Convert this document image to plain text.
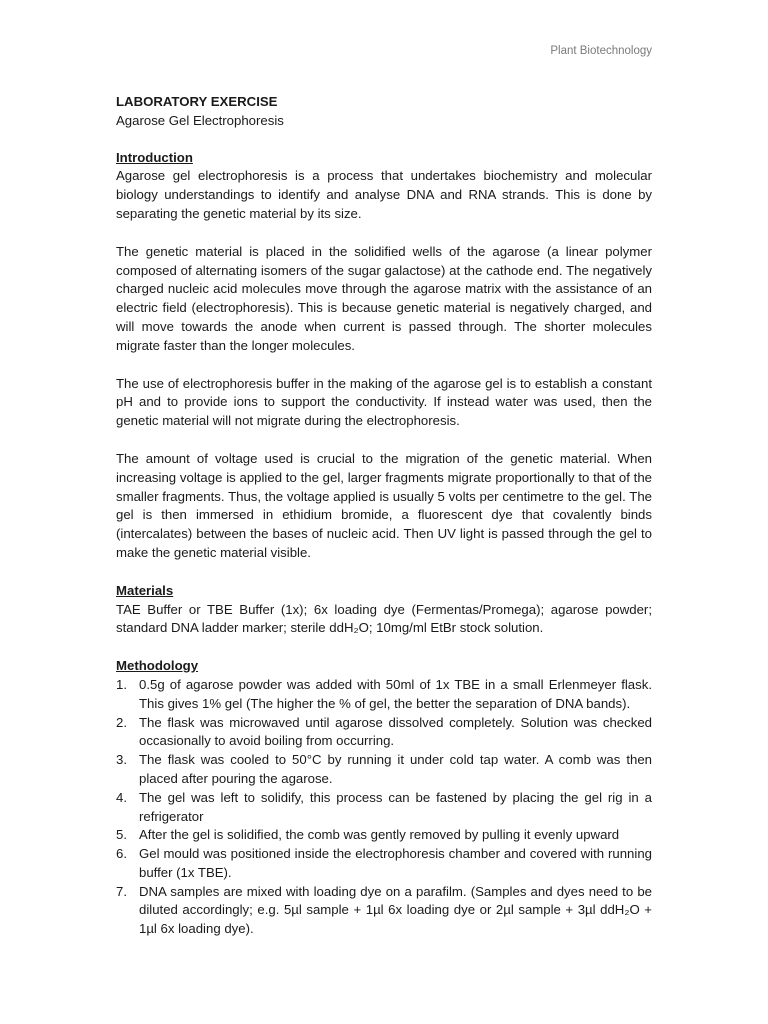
Plant Biotechnology

LABORATORY EXERCISE

Agarose Gel Electrophoresis

Introduction

Agarose gel electrophoresis is a process that undertakes biochemistry and molecular biology understandings to identify and analyse DNA and RNA strands. This is done by separating the genetic material by its size.

The genetic material is placed in the solidified wells of the agarose (a linear polymer composed of alternating isomers of the sugar galactose) at the cathode end. The negatively charged nucleic acid molecules move through the agarose matrix with the assistance of an electric field (electrophoresis). This is because genetic material is negatively charged, and will move towards the anode when current is passed through. The shorter molecules migrate faster than the longer molecules.

The use of electrophoresis buffer in the making of the agarose gel is to establish a constant pH and to provide ions to support the conductivity. If instead water was used, then the genetic material will not migrate during the electrophoresis.

The amount of voltage used is crucial to the migration of the genetic material. When increasing voltage is applied to the gel, larger fragments migrate proportionally to that of the smaller fragments. Thus, the voltage applied is usually 5 volts per centimetre to the gel. The gel is then immersed in ethidium bromide, a fluorescent dye that covalently binds (intercalates) between the bases of nucleic acid. Then UV light is passed through the gel to make the genetic material visible.

Materials

TAE Buffer or TBE Buffer (1x); 6x loading dye (Fermentas/Promega); agarose powder; standard DNA ladder marker; sterile ddH₂O; 10mg/ml EtBr stock solution.

Methodology

1. 0.5g of agarose powder was added with 50ml of 1x TBE in a small Erlenmeyer flask. This gives 1% gel (The higher the % of gel, the better the separation of DNA bands).
2. The flask was microwaved until agarose dissolved completely. Solution was checked occasionally to avoid boiling from occurring.
3. The flask was cooled to 50°C by running it under cold tap water. A comb was then placed after pouring the agarose.
4. The gel was left to solidify, this process can be fastened by placing the gel rig in a refrigerator
5. After the gel is solidified, the comb was gently removed by pulling it evenly upward
6. Gel mould was positioned inside the electrophoresis chamber and covered with running buffer (1x TBE).
7. DNA samples are mixed with loading dye on a parafilm. (Samples and dyes need to be diluted accordingly; e.g. 5µl sample + 1µl 6x loading dye or 2µl sample + 3µl ddH₂O + 1µl 6x loading dye).
